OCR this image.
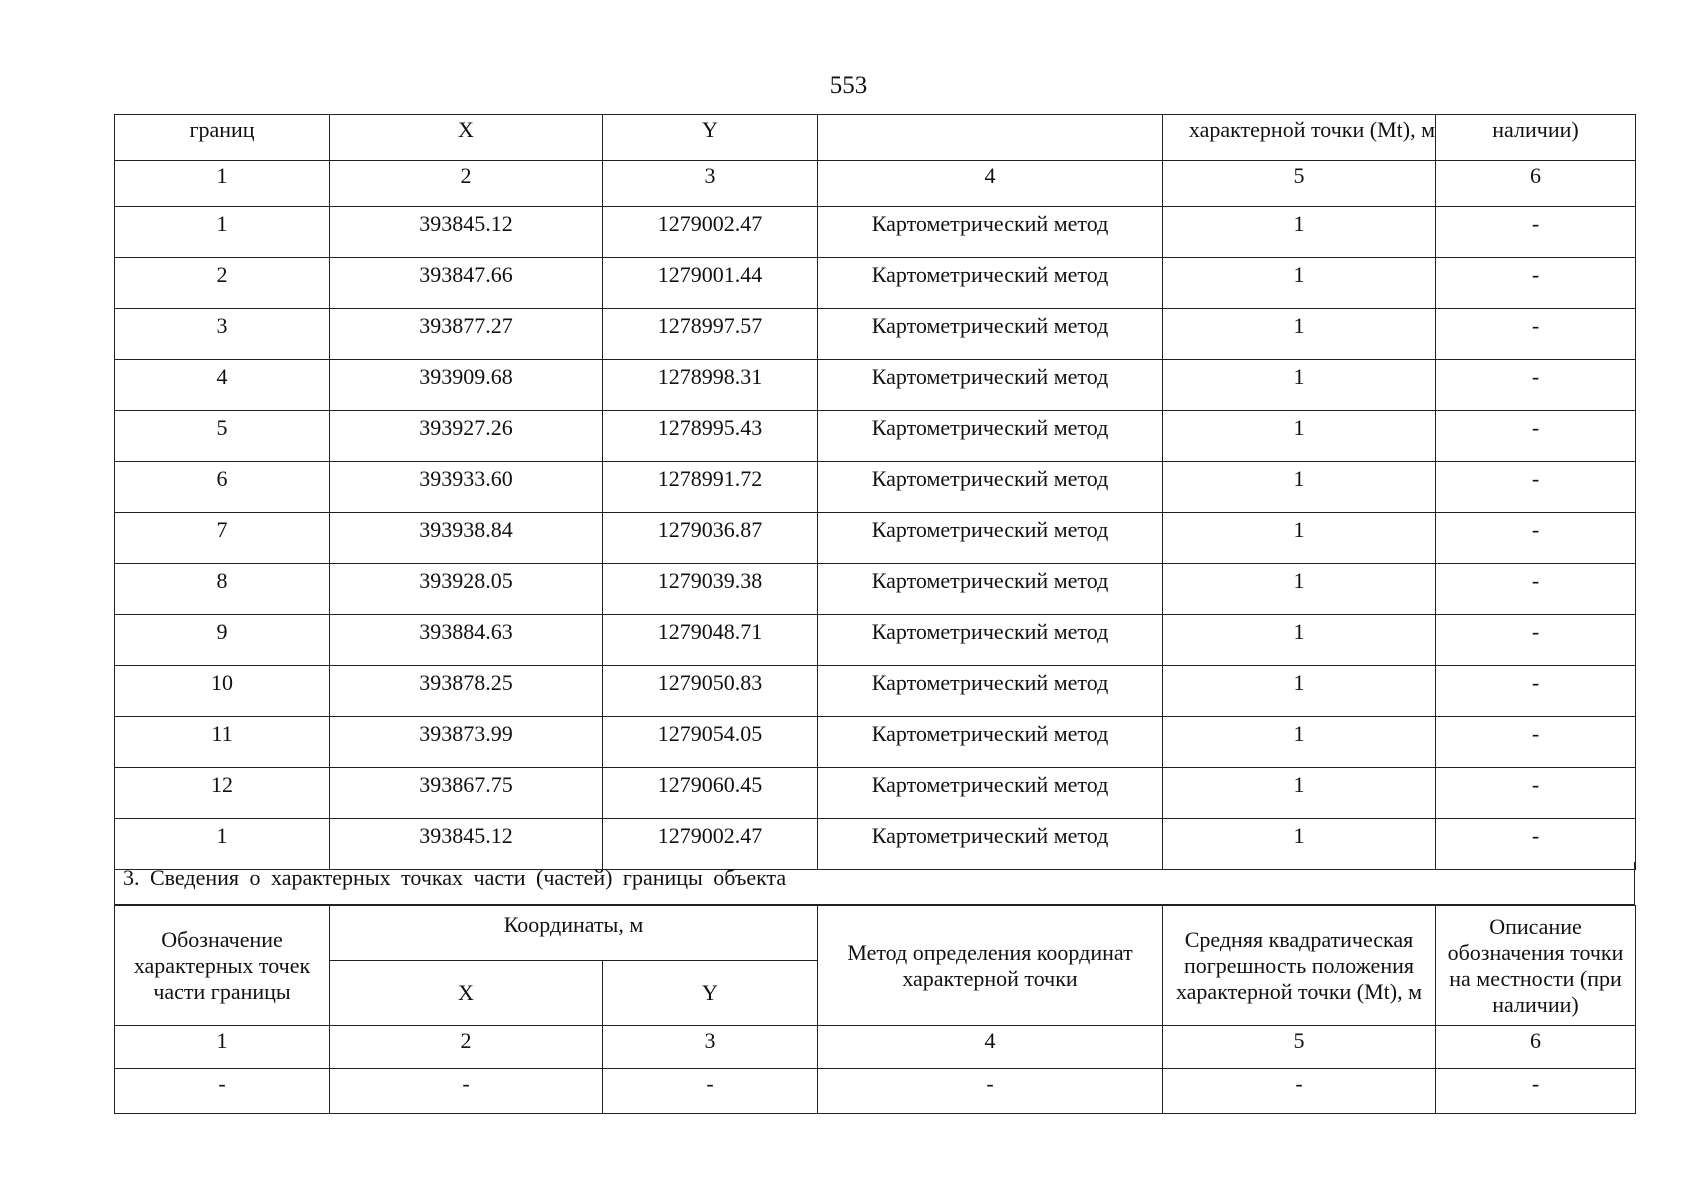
553
границ	X	Y		характерной точки (Mt), м	наличии)
1	2	3	4	5	6
1	393845.12	1279002.47	Картометрический метод	1	-
2	393847.66	1279001.44	Картометрический метод	1	-
3	393877.27	1278997.57	Картометрический метод	1	-
4	393909.68	1278998.31	Картометрический метод	1	-
5	393927.26	1278995.43	Картометрический метод	1	-
6	393933.60	1278991.72	Картометрический метод	1	-
7	393938.84	1279036.87	Картометрический метод	1	-
8	393928.05	1279039.38	Картометрический метод	1	-
9	393884.63	1279048.71	Картометрический метод	1	-
10	393878.25	1279050.83	Картометрический метод	1	-
11	393873.99	1279054.05	Картометрический метод	1	-
12	393867.75	1279060.45	Картометрический метод	1	-
1	393845.12	1279002.47	Картометрический метод	1	-
3. Сведения о характерных точках части (частей) границы объекта
Обозначение характерных точек части границы	Координаты, м		Метод определения координат характерной точки	Средняя квадратическая погрешность положения характерной точки (Mt), м	Описание обозначения точки на местности (при наличии)
	X	Y			
1	2	3	4	5	6
-	-	-	-	-	-
